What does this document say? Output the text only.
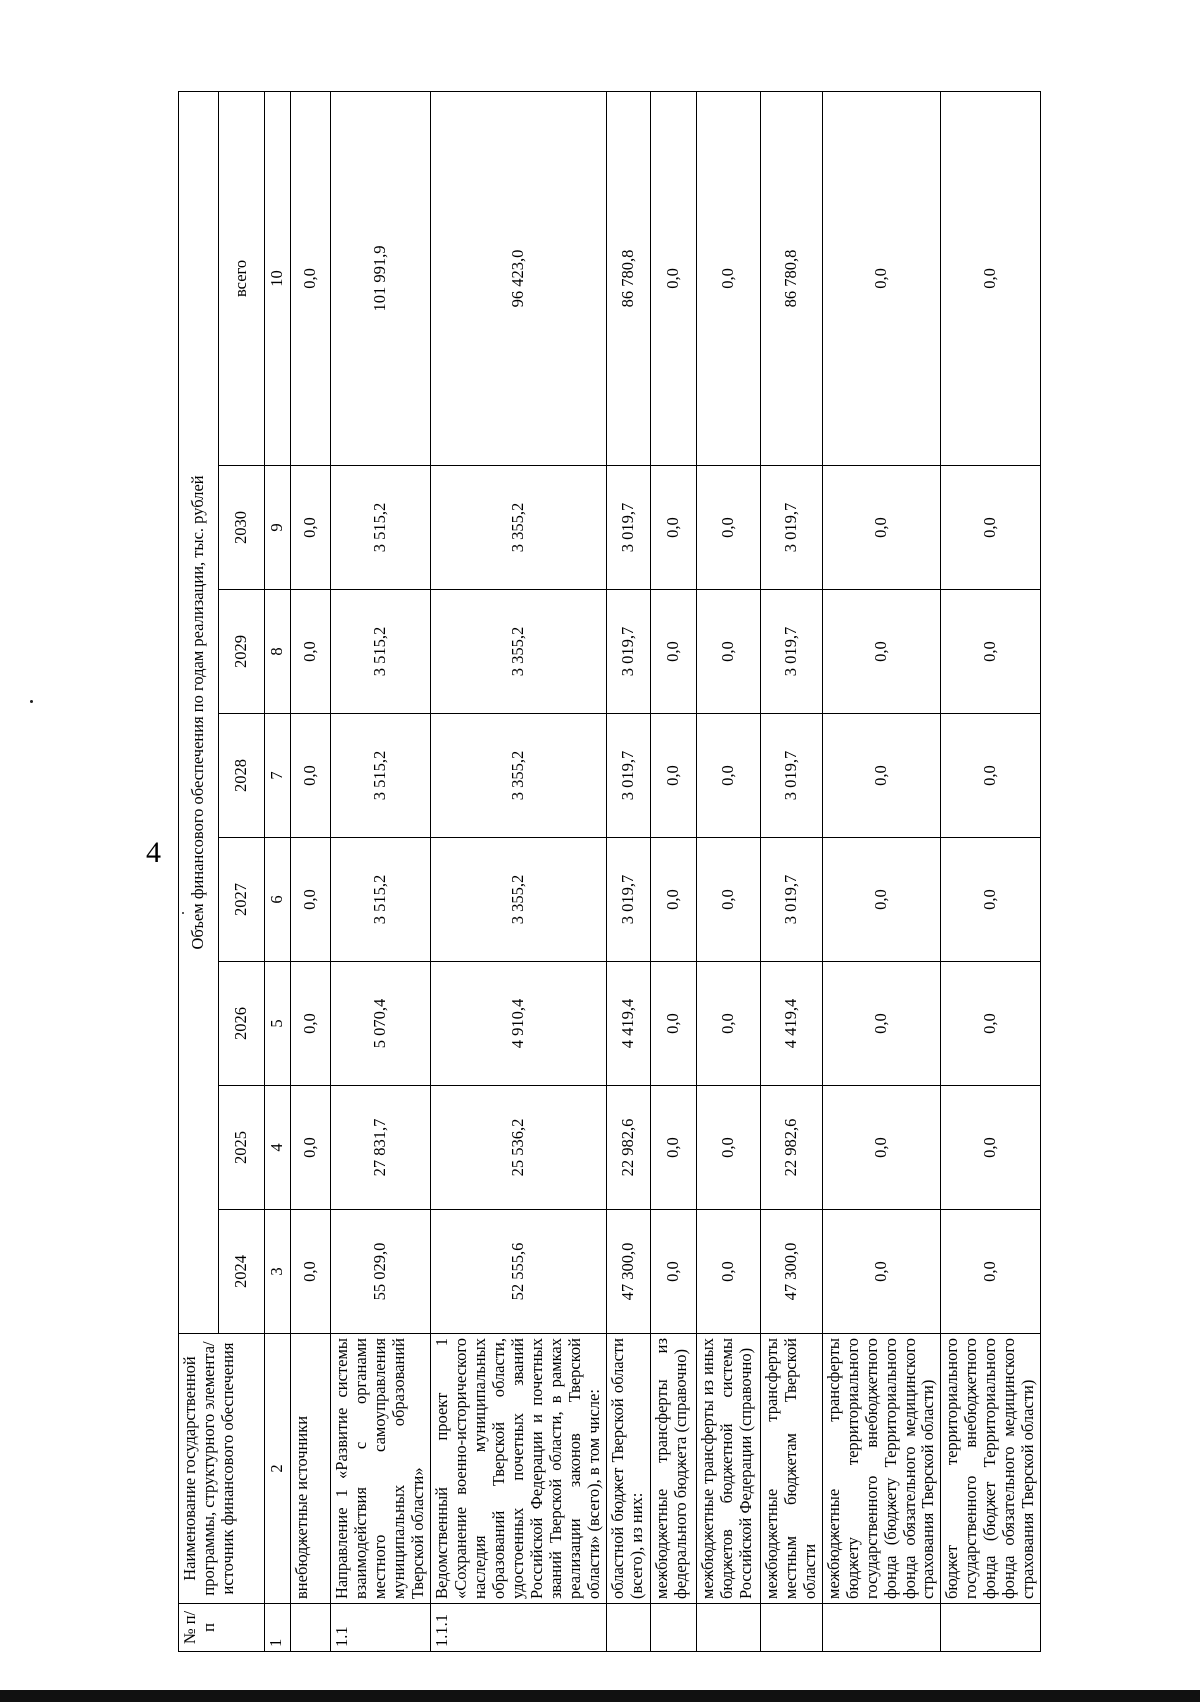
4
№ п/п	Наименование государственной программы, структурного элемента/источник финансового обеспечения	Объем финансового обеспечения по годам реализации, тыс. рублей							
		2024	2025	2026	2027	2028	2029	2030	всего
1	2	3	4	5	6	7	8	9	10
	внебюджетные источники	0,0	0,0	0,0	0,0	0,0	0,0	0,0	0,0
1.1	Направление 1 «Развитие системы взаимодействия с органами местного самоуправления муниципальных образований Тверской области»	55 029,0	27 831,7	5 070,4	3 515,2	3 515,2	3 515,2	3 515,2	101 991,9
1.1.1	Ведомственный проект 1 «Сохранение военно-исторического наследия муниципальных образований Тверской области, удостоенных почетных званий Российской Федерации и почетных званий Тверской области, в рамках реализации законов Тверской области» (всего), в том числе:	52 555,6	25 536,2	4 910,4	3 355,2	3 355,2	3 355,2	3 355,2	96 423,0
	областной бюджет Тверской области (всего), из них:	47 300,0	22 982,6	4 419,4	3 019,7	3 019,7	3 019,7	3 019,7	86 780,8
	межбюджетные трансферты из федерального бюджета (справочно)	0,0	0,0	0,0	0,0	0,0	0,0	0,0	0,0
	межбюджетные трансферты из иных бюджетов бюджетной системы Российской Федерации (справочно)	0,0	0,0	0,0	0,0	0,0	0,0	0,0	0,0
	межбюджетные трансферты местным бюджетам Тверской области	47 300,0	22 982,6	4 419,4	3 019,7	3 019,7	3 019,7	3 019,7	86 780,8
	межбюджетные трансферты бюджету территориального государственного внебюджетного фонда (бюджету Территориального фонда обязательного медицинского страхования Тверской области)	0,0	0,0	0,0	0,0	0,0	0,0	0,0	0,0
	бюджет территориального государственного внебюджетного фонда (бюджет Территориального фонда обязательного медицинского страхования Тверской области)	0,0	0,0	0,0	0,0	0,0	0,0	0,0	0,0
